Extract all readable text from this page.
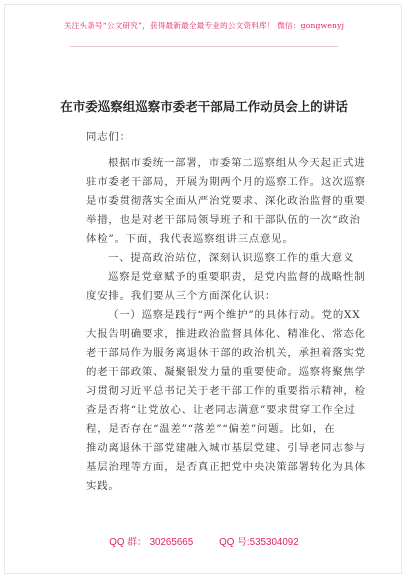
关注头条号“公文研究”，获得最新最全最专业的公文资料库！ 微信：gongwenyj
在市委巡察组巡察市委老干部局工作动员会上的讲话
同志们：
根据市委统一部署，市委第二巡察组从今天起正式进
驻市委老干部局，开展为期两个月的巡察工作。这次巡察
是市委贯彻落实全面从严治党要求、深化政治监督的重要
举措，也是对老干部局领导班子和干部队伍的一次“政治
体检”。下面，我代表巡察组讲三点意见。
一、提高政治站位，深刻认识巡察工作的重大意义
巡察是党章赋予的重要职责，是党内监督的战略性制
度安排。我们要从三个方面深化认识：
（一）巡察是践行“两个维护”的具体行动。党的XX
大报告明确要求，推进政治监督具体化、精准化、常态化
老干部局作为服务离退休干部的政治机关，承担着落实党
的老干部政策、凝聚银发力量的重要使命。巡察将聚焦学
习贯彻习近平总书记关于老干部工作的重要指示精神，检
查是否将“让党放心、让老同志满意”要求贯穿工作全过
程，是否存在“温差”“落差”“偏差”问题。比如，在
推动离退休干部党建融入城市基层党建、引导老同志参与
基层治理等方面，是否真正把党中央决策部署转化为具体
实践。
QQ 群： 30265665	QQ 号:535304092
